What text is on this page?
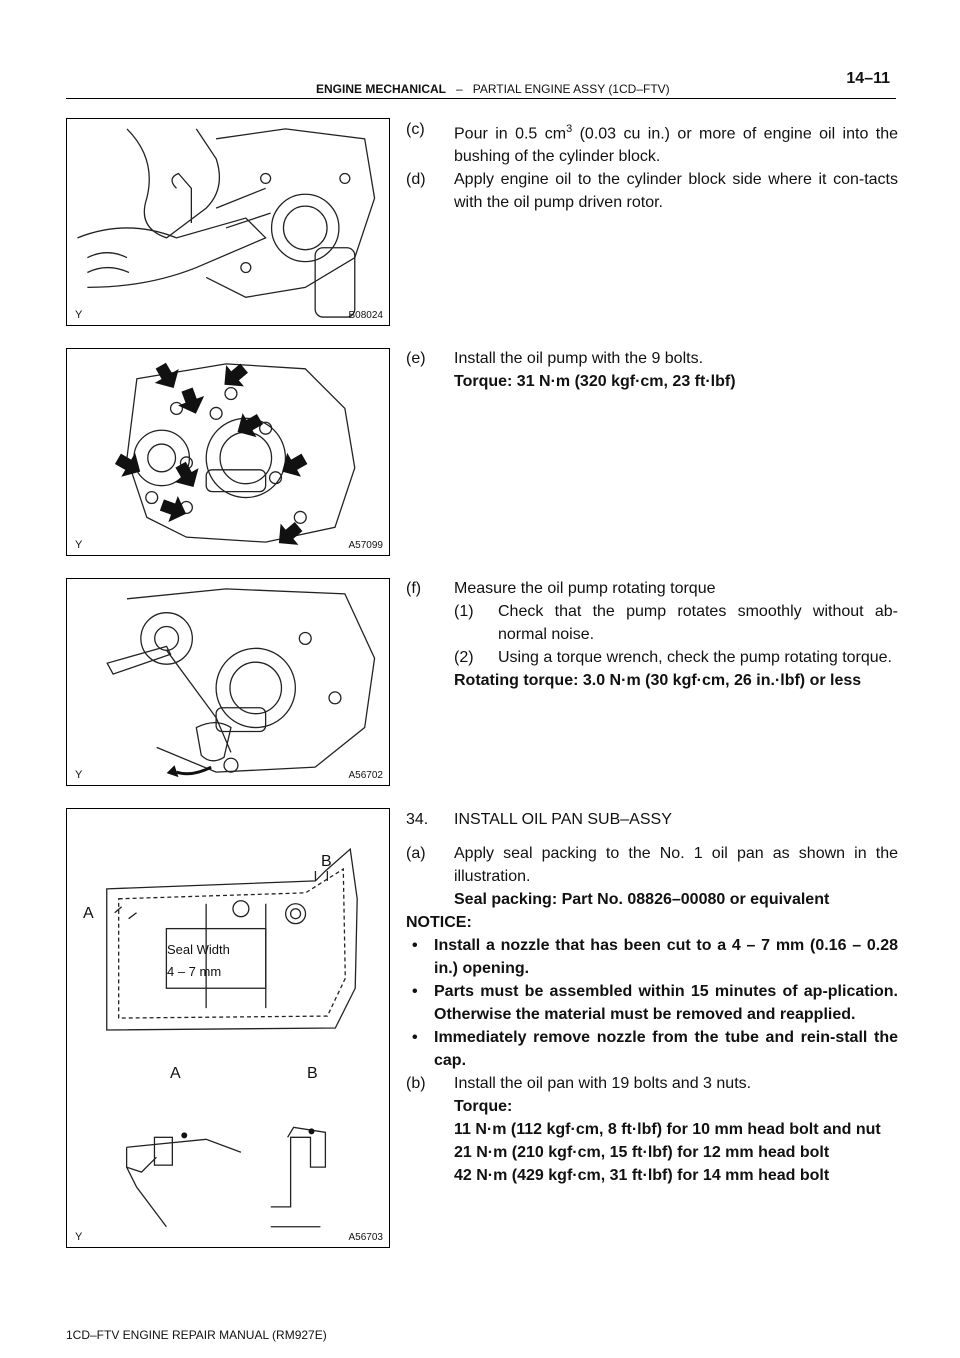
ENGINE MECHANICAL – PARTIAL ENGINE ASSY (1CD–FTV)
14–11
Y	B08024
Y	A57099
Y	A56702
B
A
Seal Width
4 – 7 mm
A	B
Y	A56703
(c)	Pour in 0.5 $cm^3$ (0.03 cu in.) or more of engine oil into the bushing of the cylinder block.
(d)	Apply engine oil to the cylinder block side where it con-tacts with the oil pump driven rotor.
(e)	Install the oil pump with the 9 bolts.
Torque: 31 N·m (320 kgf·cm, 23 ft·lbf)
(f)	Measure the oil pump rotating torque
(1)	Check that the pump rotates smoothly without ab-normal noise.
(2)	Using a torque wrench, check the pump rotating torque.
Rotating torque: 3.0 N·m (30 kgf·cm, 26 in.·lbf) or less
34.	INSTALL OIL PAN SUB–ASSY
(a)	Apply seal packing to the No. 1 oil pan as shown in the illustration.
Seal packing: Part No. 08826–00080 or equivalent
NOTICE:
•	Install a nozzle that has been cut to a 4 – 7 mm (0.16 – 0.28 in.) opening.
•	Parts must be assembled within 15 minutes of ap-plication. Otherwise the material must be removed and reapplied.
•	Immediately remove nozzle from the tube and rein-stall the cap.
(b)	Install the oil pan with 19 bolts and 3 nuts.
Torque:
11 N·m (112 kgf·cm, 8 ft·lbf) for 10 mm head bolt and nut
21 N·m (210 kgf·cm, 15 ft·lbf) for 12 mm head bolt
42 N·m (429 kgf·cm, 31 ft·lbf) for 14 mm head bolt
1CD–FTV ENGINE REPAIR MANUAL (RM927E)
